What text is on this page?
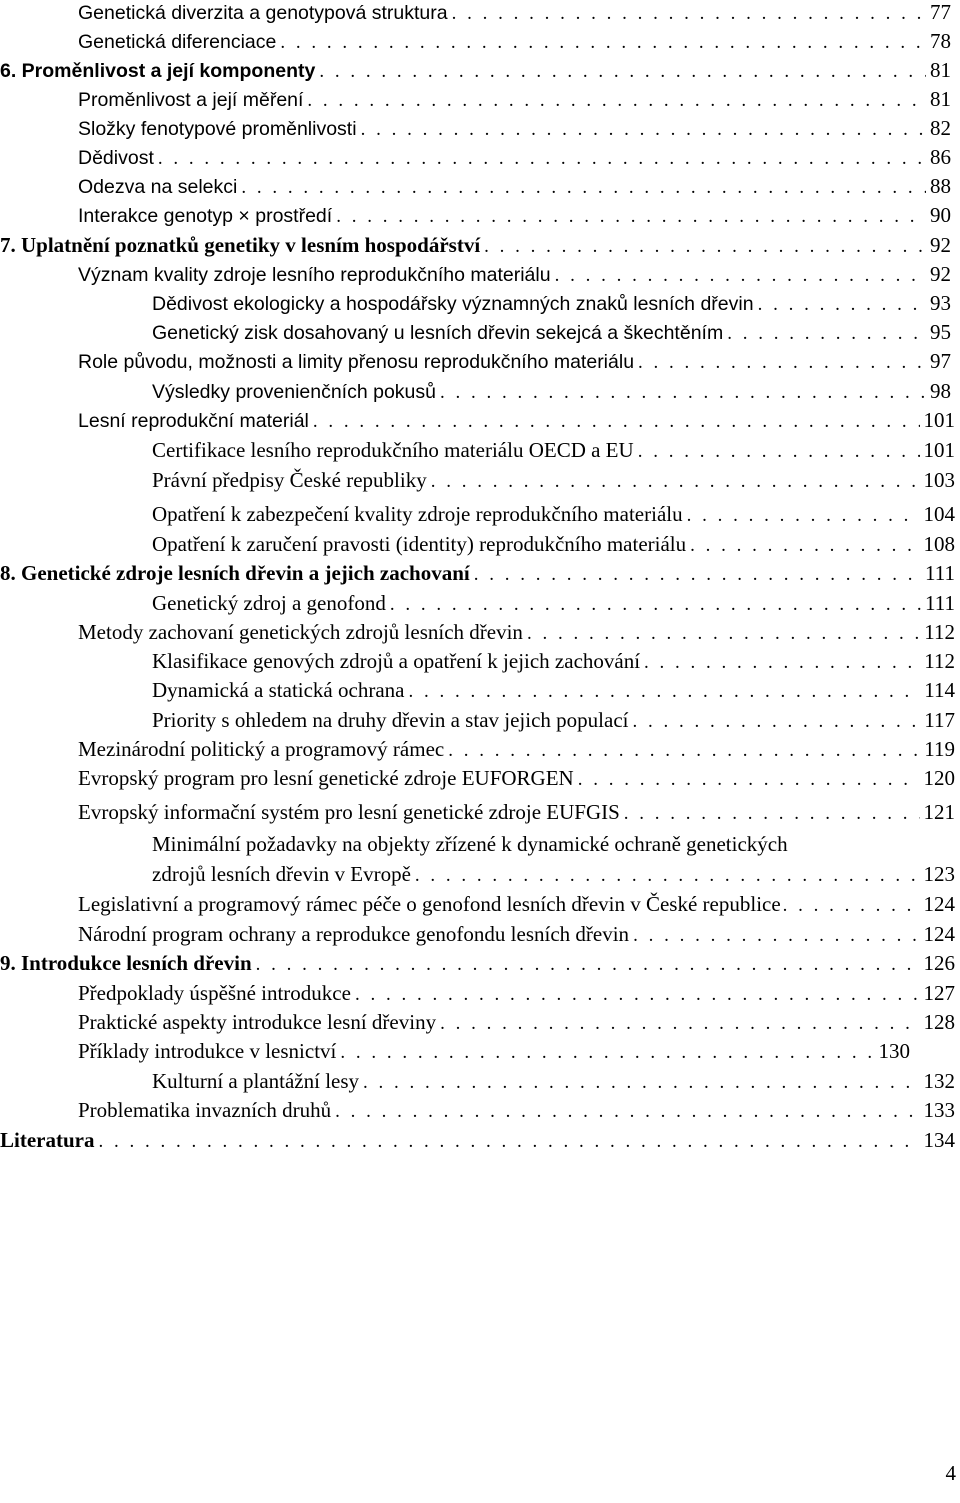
Genetická diverzita a genotypová struktura . . .	77
Genetická diferenciace . . .	78
6. Proměnlivost a její komponenty . . .	81
Proměnlivost a její měření . . .	81
Složky fenotypové proměnlivosti . . .	82
Dědivost . . .	86
Odezva na selekci . . .	88
Interakce genotyp × prostředí . . .	90
7. Uplatnění poznatků genetiky v lesním hospodářství . . .	92
Význam kvality zdroje lesního reprodukčního materiálu . . .	92
Dědivost ekologicky a hospodářsky významných znaků lesních dřevin . . .	93
Genetický zisk dosahovaný u lesních dřevin sekejcá a škechtěním . . .	95
Role původu, možnosti a limity přenosu reprodukčního materiálu . . .	97
Výsledky provenienčních pokusů . . .	98
Lesní reprodukční materiál . . .	101
Certifikace lesního reprodukčního materiálu OECD a EU . . .	101
Právní předpisy České republiky . . .	103
Opatření k zabezpečení kvality zdroje reprodukčního materiálu . . .	104
Opatření k zaručení pravosti (identity) reprodukčního materiálu . . .	108
8. Genetické zdroje lesních dřevin a jejich zachovaní . . .	111
Genetický zdroj a genofond . . .	111
Metody zachovaní genetických zdrojů lesních dřevin . . .	112
Klasifikace genových zdrojů a opatření k jejich zachování . . .	112
Dynamická a statická ochrana . . .	114
Priority s ohledem na druhy dřevin a stav jejich populací . . .	117
Mezinárodní politický a programový rámec . . .	119
Evropský program pro lesní genetické zdroje EUFORGEN . . .	120
Evropský informační systém pro lesní genetické zdroje EUFGIS . . .	121
Minimální požadavky na objekty zřízené k dynamické ochraně genetických
zdrojů lesních dřevin v Evropě . . .	123
Legislativní a programový rámec péče o genofond lesních dřevin v České republice . . .	124
Národní program ochrany a reprodukce genofondu lesních dřevin . . .	124
9. Introdukce lesních dřevin . . .	126
Předpoklady úspěšné introdukce . . .	127
Praktické aspekty introdukce lesní dřeviny . . .	128
Příklady introdukce v lesnictví . . .	130
Kulturní a plantážní lesy . . .	132
Problematika invazních druhů . . .	133
Literatura . . .	134
4
